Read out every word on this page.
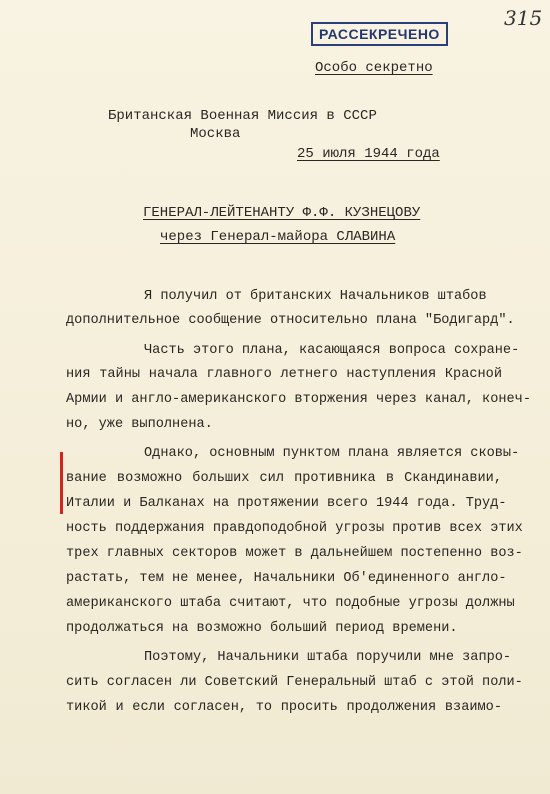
315
РАССЕКРЕЧЕНО
Особо секретно
Британская Военная Миссия в СССР
Москва
25 июля 1944 года
ГЕНЕРАЛ-ЛЕЙТЕНАНТУ Ф.Ф. КУЗНЕЦОВУ
через Генерал-майора СЛАВИНА
Я получил от британских Начальников штабов
дополнительное сообщение относительно плана "Бодигард".
Часть этого плана, касающаяся вопроса сохране-
ния тайны начала главного летнего наступления Красной
Армии и англо-американского вторжения через канал, конеч-
но, уже выполнена.
Однако, основным пунктом плана является сковы-
вание возможно больших сил противника в Скандинавии,
Италии и Балканах на протяжении всего 1944 года. Труд-
ность поддержания правдоподобной угрозы против всех этих
трех главных секторов может в дальнейшем постепенно воз-
растать, тем не менее, Начальники Об'единенного англо-
американского штаба считают, что подобные угрозы должны
продолжаться на возможно больший период времени.
Поэтому, Начальники штаба поручили мне запро-
сить согласен ли Советский Генеральный штаб с этой поли-
тикой и если согласен, то просить продолжения взаимо-
